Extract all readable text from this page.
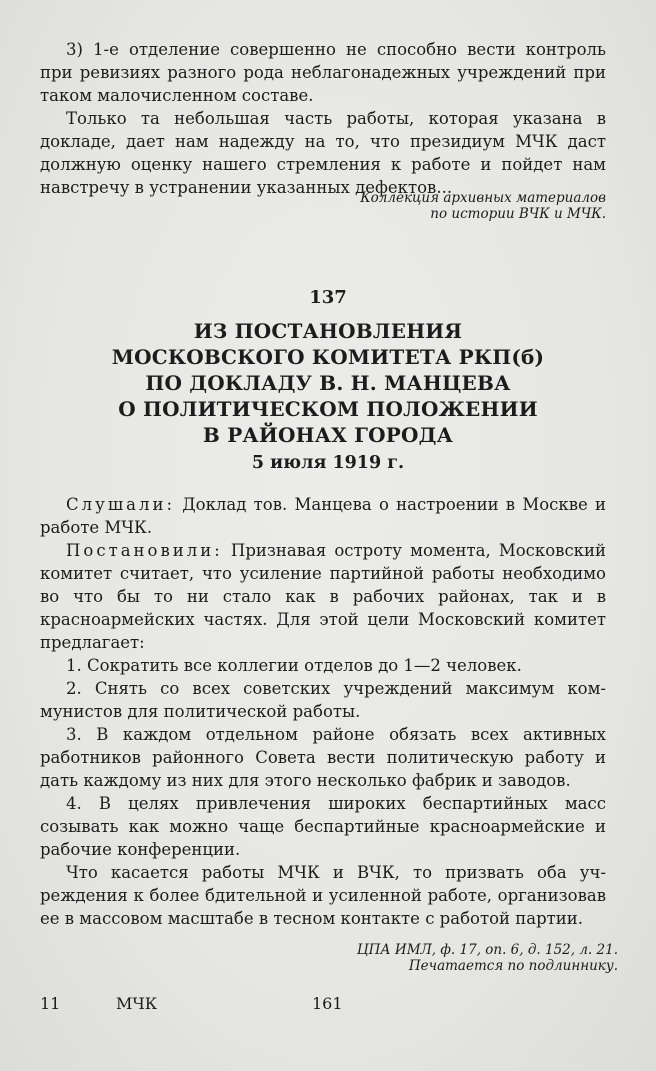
3) 1-е отделение совершенно не способно вести контроль при ревизиях разного рода неблагонадежных учреждений при таком малочисленном составе.

Только та небольшая часть работы, которая указана в докладе, дает нам надежду на то, что президиум МЧК даст должную оценку нашего стремления к работе и пойдет нам навстречу в устранении указанных дефектов...

Коллекция архивных материалов
по истории ВЧК и МЧК.
137
ИЗ ПОСТАНОВЛЕНИЯ
МОСКОВСКОГО КОМИТЕТА РКП(б)
ПО ДОКЛАДУ В. Н. МАНЦЕВА
О ПОЛИТИЧЕСКОМ ПОЛОЖЕНИИ
В РАЙОНАХ ГОРОДА
5 июля 1919 г.

Слушали: Доклад тов. Манцева о настроении в Москве и работе МЧК.

Постановили: Признавая остроту момента, Московский комитет считает, что усиление партийной работы необходимо во что бы то ни стало как в рабочих районах, так и в красноармейских частях. Для этой цели Московский комитет предлагает:

1. Сократить все коллегии отделов до 1—2 человек.

2. Снять со всех советских учреждений максимум коммунистов для политической работы.

3. В каждом отдельном районе обязать всех активных работников районного Совета вести политическую работу и дать каждому из них для этого несколько фабрик и заводов.

4. В целях привлечения широких беспартийных масс созывать как можно чаще беспартийные красноармейские и рабочие конференции.

Что касается работы МЧК и ВЧК, то призвать оба учреждения к более бдительной и усиленной работе, организовав ее в массовом масштабе в тесном контакте с работой партии.

ЦПА ИМЛ, ф. 17, оп. 6, д. 152, л. 21.
Печатается по подлиннику.
11	МЧК	161
